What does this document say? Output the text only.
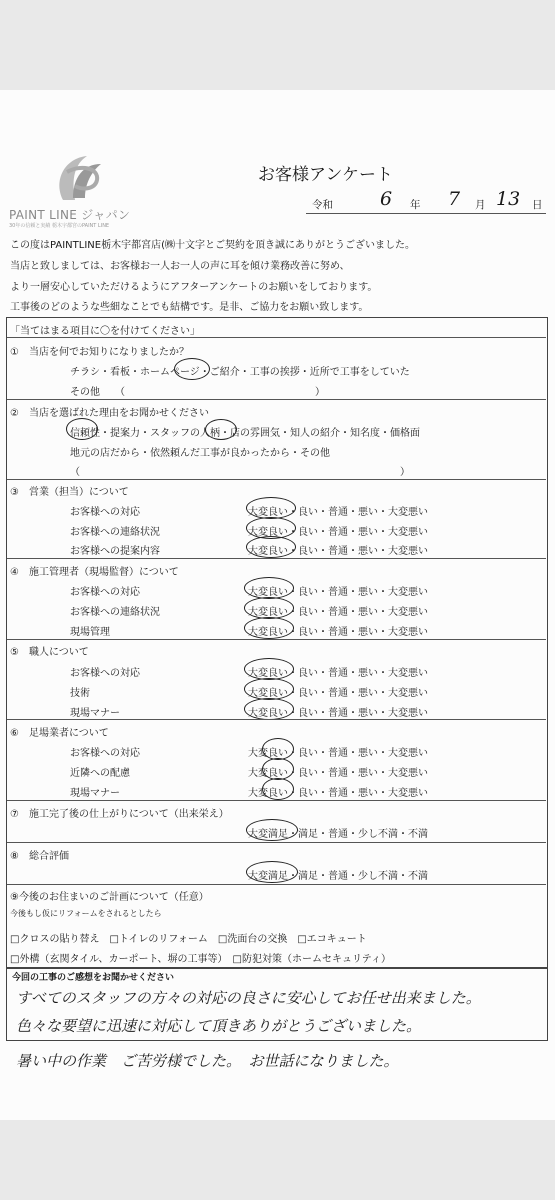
PAINT LINE ジャパン
30年の信頼と実績 栃木宇都宮のPAINT LINE
お客様アンケート
令和 6 年 7 月 13 日
この度はPAINTLINE栃木宇都宮店(㈱十文字とご契約を頂き誠にありがとうございました。
当店と致しましては、お客様お一人お一人の声に耳を傾け業務改善に努め、
より一層安心していただけるようにアフターアンケートのお願いをしております。
工事後のどのような些細なことでも結構です。是非、ご協力をお願い致します。
「当てはまる項目に〇を付けてください」
①　当店を何でお知りになりましたか？
チラシ・看板・ホームページ・ご紹介・工事の挨拶・近所で工事をしていた
その他　　（　　　　　　　　　　　　　　　　　　　）
②　当店を選ばれた理由をお聞かせください
信頼性・提案力・スタッフの人柄・店の雰囲気・知人の紹介・知名度・価格面
地元の店だから・依然頼んだ工事が良かったから・その他
（　　　　　　　　　　　　　　　　　　　　　　　　　　　　　　　　）
③　営業（担当）について
お客様への対応	大変良い・良い・普通・悪い・大変悪い
お客様への連絡状況	大変良い・良い・普通・悪い・大変悪い
お客様への提案内容	大変良い・良い・普通・悪い・大変悪い
④　施工管理者（現場監督）について
お客様への対応	大変良い・良い・普通・悪い・大変悪い
お客様への連絡状況	大変良い・良い・普通・悪い・大変悪い
現場管理	大変良い・良い・普通・悪い・大変悪い
⑤　職人について
お客様への対応	大変良い・良い・普通・悪い・大変悪い
技術	大変良い・良い・普通・悪い・大変悪い
現場マナー	大変良い・良い・普通・悪い・大変悪い
⑥　足場業者について
お客様への対応	大変良い・良い・普通・悪い・大変悪い
近隣への配慮	大変良い・良い・普通・悪い・大変悪い
現場マナー	大変良い・良い・普通・悪い・大変悪い
⑦　施工完了後の仕上がりについて（出来栄え）
大変満足・満足・普通・少し不満・不満
⑧　総合評価
大変満足・満足・普通・少し不満・不満
⑨今後のお住まいのご計画について（任意）
今後もし仮にリフォームをされるとしたら
□クロスの貼り替え　□トイレのリフォーム　□洗面台の交換　□エコキュート
□外構（玄関タイル、カーポート、塀の工事等）　□防犯対策（ホームセキュリティ）
今回の工事のご感想をお聞かせください
すべてのスタッフの方々の対応の良さに安心してお任せ出来ました。
色々な要望に迅速に対応して頂きありがとうございました。
暑い中の作業　ご苦労様でした。　お世話になりました。
